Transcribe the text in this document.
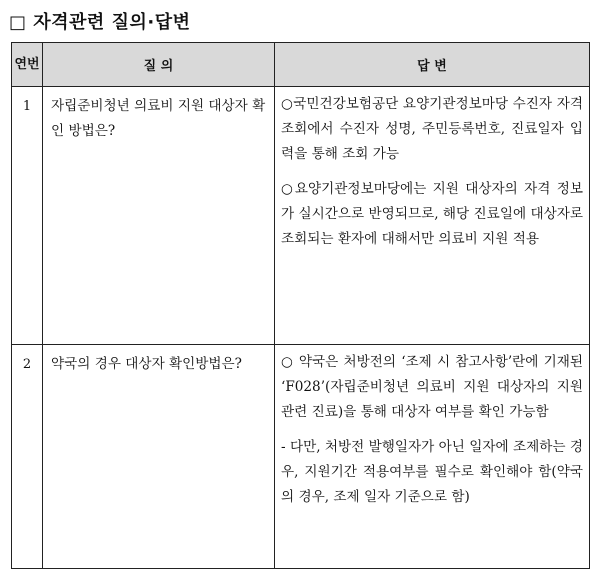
□ 자격관련 질의·답변
연번	질 의	답 변
1	자립준비청년 의료비 지원 대상자 확인 방법은?	○국민건강보험공단 요양기관정보마당 수진자 자격조회에서 수진자 성명, 주민등록번호, 진료일자 입력을 통해 조회 가능
○요양기관정보마당에는 지원 대상자의 자격 정보가 실시간으로 반영되므로, 해당 진료일에 대상자로 조회되는 환자에 대해서만 의료비 지원 적용

2	약국의 경우 대상자 확인방법은?	○ 약국은 처방전의 ‘조제 시 참고사항’란에 기재된 ‘F028’(자립준비청년 의료비 지원 대상자의 지원 관련 진료)을 통해 대상자 여부를 확인 가능함
- 다만, 처방전 발행일자가 아닌 일자에 조제하는 경우, 지원기간 적용여부를 필수로 확인해야 함(약국의 경우, 조제 일자 기준으로 함)
